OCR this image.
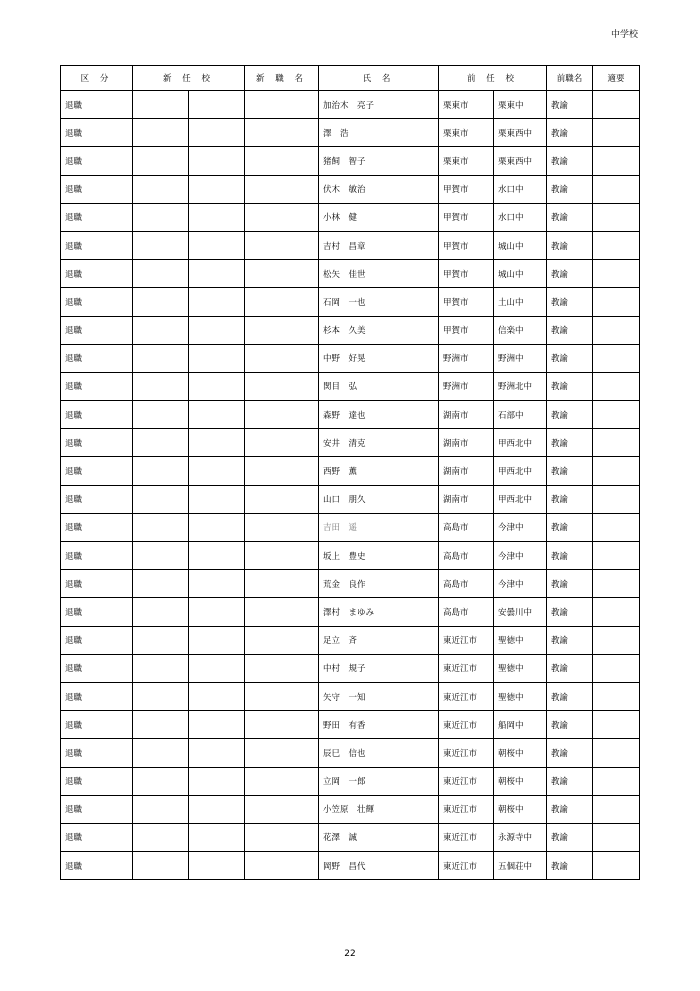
中学校
区 分	新 任 校		新 職 名	氏 名	前 任 校		前職名	適要
退職				加治木　亮子	栗東市	栗東中	教諭	
退職				澤　浩	栗東市	栗東西中	教諭	
退職				猪飼　智子	栗東市	栗東西中	教諭	
退職				伏木　敏治	甲賀市	水口中	教諭	
退職				小林　健	甲賀市	水口中	教諭	
退職				吉村　昌章	甲賀市	城山中	教諭	
退職				松矢　佳世	甲賀市	城山中	教諭	
退職				石岡　一也	甲賀市	土山中	教諭	
退職				杉本　久美	甲賀市	信楽中	教諭	
退職				中野　好晃	野洲市	野洲中	教諭	
退職				関目　弘	野洲市	野洲北中	教諭	
退職				森野　達也	湖南市	石部中	教諭	
退職				安井　清克	湖南市	甲西北中	教諭	
退職				西野　薫	湖南市	甲西北中	教諭	
退職				山口　朋久	湖南市	甲西北中	教諭	
退職				吉田　遥	高島市	今津中	教諭	
退職				坂上　豊史	高島市	今津中	教諭	
退職				荒金　良作	高島市	今津中	教諭	
退職				澤村　まゆみ	高島市	安曇川中	教諭	
退職				足立　斉	東近江市	聖徳中	教諭	
退職				中村　規子	東近江市	聖徳中	教諭	
退職				矢守　一知	東近江市	聖徳中	教諭	
退職				野田　有香	東近江市	船岡中	教諭	
退職				辰巳　信也	東近江市	朝桜中	教諭	
退職				立岡　一郎	東近江市	朝桜中	教諭	
退職				小笠原　壮輝	東近江市	朝桜中	教諭	
退職				花澤　誠	東近江市	永源寺中	教諭	
退職				岡野　昌代	東近江市	五個荘中	教諭	
22
